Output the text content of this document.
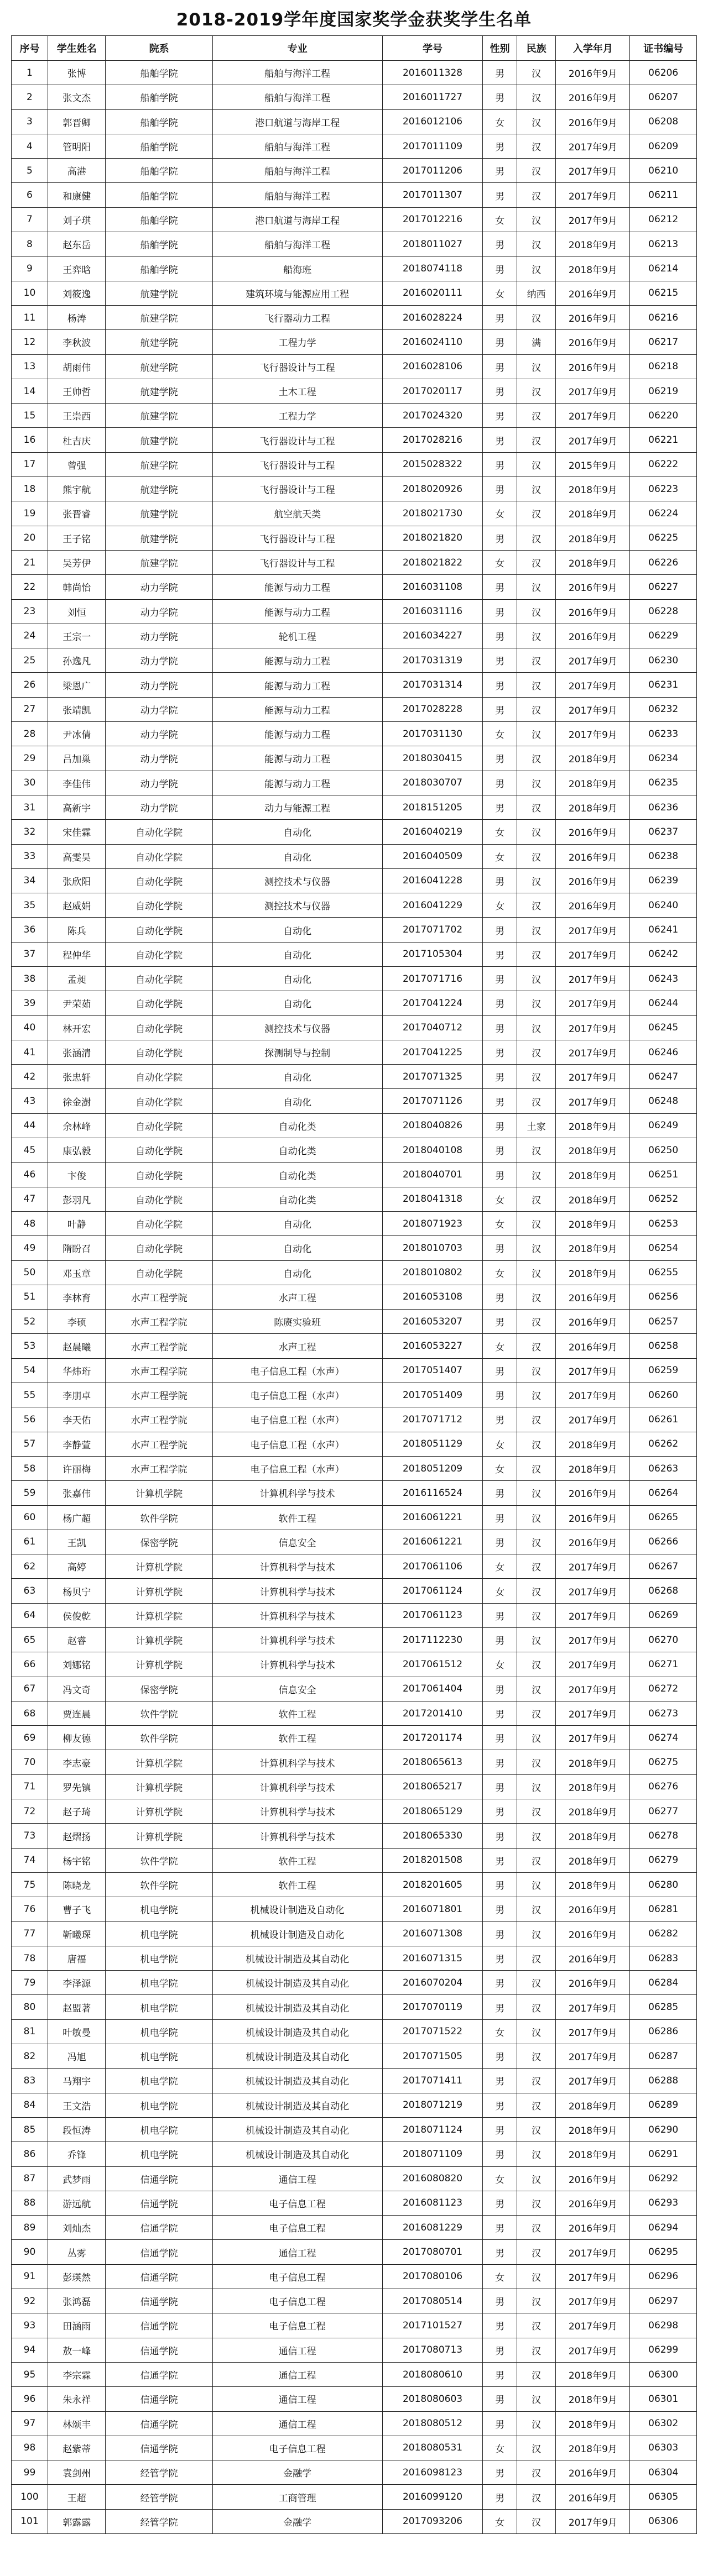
2018-2019学年度国家奖学金获奖学生名单
序号	学生姓名	院系	专业	学号	性别	民族	入学年月	证书编号
1	张博	船舶学院	船舶与海洋工程	2016011328	男	汉	2016年9月	06206
2	张文杰	船舶学院	船舶与海洋工程	2016011727	男	汉	2016年9月	06207
3	郭晋卿	船舶学院	港口航道与海岸工程	2016012106	女	汉	2016年9月	06208
4	管明阳	船舶学院	船舶与海洋工程	2017011109	男	汉	2017年9月	06209
5	高港	船舶学院	船舶与海洋工程	2017011206	男	汉	2017年9月	06210
6	和康健	船舶学院	船舶与海洋工程	2017011307	男	汉	2017年9月	06211
7	刘子琪	船舶学院	港口航道与海岸工程	2017012216	女	汉	2017年9月	06212
8	赵东岳	船舶学院	船舶与海洋工程	2018011027	男	汉	2018年9月	06213
9	王弈晗	船舶学院	船海班	2018074118	男	汉	2018年9月	06214
10	刘筱逸	航建学院	建筑环境与能源应用工程	2016020111	女	纳西	2016年9月	06215
11	杨涛	航建学院	飞行器动力工程	2016028224	男	汉	2016年9月	06216
12	李秋波	航建学院	工程力学	2016024110	男	满	2016年9月	06217
13	胡雨伟	航建学院	飞行器设计与工程	2016028106	男	汉	2016年9月	06218
14	王帅哲	航建学院	土木工程	2017020117	男	汉	2017年9月	06219
15	王崇西	航建学院	工程力学	2017024320	男	汉	2017年9月	06220
16	杜吉庆	航建学院	飞行器设计与工程	2017028216	男	汉	2017年9月	06221
17	曾强	航建学院	飞行器设计与工程	2015028322	男	汉	2015年9月	06222
18	熊宇航	航建学院	飞行器设计与工程	2018020926	男	汉	2018年9月	06223
19	张晋睿	航建学院	航空航天类	2018021730	女	汉	2018年9月	06224
20	王子铭	航建学院	飞行器设计与工程	2018021820	男	汉	2018年9月	06225
21	吴芳伊	航建学院	飞行器设计与工程	2018021822	女	汉	2018年9月	06226
22	韩尚怡	动力学院	能源与动力工程	2016031108	男	汉	2016年9月	06227
23	刘恒	动力学院	能源与动力工程	2016031116	男	汉	2016年9月	06228
24	王宗一	动力学院	轮机工程	2016034227	男	汉	2016年9月	06229
25	孙逸凡	动力学院	能源与动力工程	2017031319	男	汉	2017年9月	06230
26	梁恩广	动力学院	能源与动力工程	2017031314	男	汉	2017年9月	06231
27	张靖凯	动力学院	能源与动力工程	2017028228	男	汉	2017年9月	06232
28	尹冰倩	动力学院	能源与动力工程	2017031130	女	汉	2017年9月	06233
29	吕加巢	动力学院	能源与动力工程	2018030415	男	汉	2018年9月	06234
30	李佳伟	动力学院	能源与动力工程	2018030707	男	汉	2018年9月	06235
31	高新宇	动力学院	动力与能源工程	2018151205	男	汉	2018年9月	06236
32	宋佳霖	自动化学院	自动化	2016040219	女	汉	2016年9月	06237
33	高雯昊	自动化学院	自动化	2016040509	女	汉	2016年9月	06238
34	张欣阳	自动化学院	测控技术与仪器	2016041228	男	汉	2016年9月	06239
35	赵威娟	自动化学院	测控技术与仪器	2016041229	女	汉	2016年9月	06240
36	陈兵	自动化学院	自动化	2017071702	男	汉	2017年9月	06241
37	程仲华	自动化学院	自动化	2017105304	男	汉	2017年9月	06242
38	孟昶	自动化学院	自动化	2017071716	男	汉	2017年9月	06243
39	尹荣茹	自动化学院	自动化	2017041224	男	汉	2017年9月	06244
40	林开宏	自动化学院	测控技术与仪器	2017040712	男	汉	2017年9月	06245
41	张涵清	自动化学院	探测制导与控制	2017041225	男	汉	2017年9月	06246
42	张忠轩	自动化学院	自动化	2017071325	男	汉	2017年9月	06247
43	徐金澍	自动化学院	自动化	2017071126	男	汉	2017年9月	06248
44	余林峰	自动化学院	自动化类	2018040826	男	土家	2018年9月	06249
45	康弘毅	自动化学院	自动化类	2018040108	男	汉	2018年9月	06250
46	卞俊	自动化学院	自动化类	2018040701	男	汉	2018年9月	06251
47	彭羽凡	自动化学院	自动化类	2018041318	女	汉	2018年9月	06252
48	叶静	自动化学院	自动化	2018071923	女	汉	2018年9月	06253
49	隋盼召	自动化学院	自动化	2018010703	男	汉	2018年9月	06254
50	邓玉章	自动化学院	自动化	2018010802	女	汉	2018年9月	06255
51	李林育	水声工程学院	水声工程	2016053108	男	汉	2016年9月	06256
52	李硕	水声工程学院	陈赓实验班	2016053207	男	汉	2016年9月	06257
53	赵晨曦	水声工程学院	水声工程	2016053227	女	汉	2016年9月	06258
54	华炜珩	水声工程学院	电子信息工程（水声）	2017051407	男	汉	2017年9月	06259
55	李朋卓	水声工程学院	电子信息工程（水声）	2017051409	男	汉	2017年9月	06260
56	李天佑	水声工程学院	电子信息工程（水声）	2017071712	男	汉	2017年9月	06261
57	李静萱	水声工程学院	电子信息工程（水声）	2018051129	女	汉	2018年9月	06262
58	许丽梅	水声工程学院	电子信息工程（水声）	2018051209	女	汉	2018年9月	06263
59	张嘉伟	计算机学院	计算机科学与技术	2016116524	男	汉	2016年9月	06264
60	杨广超	软件学院	软件工程	2016061221	男	汉	2016年9月	06265
61	王凯	保密学院	信息安全	2016061221	男	汉	2016年9月	06266
62	高婷	计算机学院	计算机科学与技术	2017061106	女	汉	2017年9月	06267
63	杨贝宁	计算机学院	计算机科学与技术	2017061124	女	汉	2017年9月	06268
64	侯俊乾	计算机学院	计算机科学与技术	2017061123	男	汉	2017年9月	06269
65	赵睿	计算机学院	计算机科学与技术	2017112230	男	汉	2017年9月	06270
66	刘娜铭	计算机学院	计算机科学与技术	2017061512	女	汉	2017年9月	06271
67	冯文奇	保密学院	信息安全	2017061404	男	汉	2017年9月	06272
68	贾连晨	软件学院	软件工程	2017201410	男	汉	2017年9月	06273
69	柳友德	软件学院	软件工程	2017201174	男	汉	2017年9月	06274
70	李志豪	计算机学院	计算机科学与技术	2018065613	男	汉	2018年9月	06275
71	罗先镇	计算机学院	计算机科学与技术	2018065217	男	汉	2018年9月	06276
72	赵子琦	计算机学院	计算机科学与技术	2018065129	男	汉	2018年9月	06277
73	赵熠扬	计算机学院	计算机科学与技术	2018065330	男	汉	2018年9月	06278
74	杨宇铭	软件学院	软件工程	2018201508	男	汉	2018年9月	06279
75	陈晓龙	软件学院	软件工程	2018201605	男	汉	2018年9月	06280
76	曹子飞	机电学院	机械设计制造及自动化	2016071801	男	汉	2016年9月	06281
77	靳曦琛	机电学院	机械设计制造及自动化	2016071308	男	汉	2016年9月	06282
78	唐福	机电学院	机械设计制造及其自动化	2016071315	男	汉	2016年9月	06283
79	李泽源	机电学院	机械设计制造及其自动化	2016070204	男	汉	2016年9月	06284
80	赵盟著	机电学院	机械设计制造及其自动化	2017070119	男	汉	2017年9月	06285
81	叶敏曼	机电学院	机械设计制造及其自动化	2017071522	女	汉	2017年9月	06286
82	冯旭	机电学院	机械设计制造及其自动化	2017071505	男	汉	2017年9月	06287
83	马翔宇	机电学院	机械设计制造及其自动化	2017071411	男	汉	2017年9月	06288
84	王文浩	机电学院	机械设计制造及其自动化	2018071219	男	汉	2018年9月	06289
85	段恒涛	机电学院	机械设计制造及其自动化	2018071124	男	汉	2018年9月	06290
86	乔锋	机电学院	机械设计制造及其自动化	2018071109	男	汉	2018年9月	06291
87	武梦雨	信通学院	通信工程	2016080820	女	汉	2016年9月	06292
88	游远航	信通学院	电子信息工程	2016081123	男	汉	2016年9月	06293
89	刘灿杰	信通学院	电子信息工程	2016081229	男	汉	2016年9月	06294
90	丛雾	信通学院	通信工程	2017080701	男	汉	2017年9月	06295
91	彭瑛然	信通学院	电子信息工程	2017080106	女	汉	2017年9月	06296
92	张鸿磊	信通学院	电子信息工程	2017080514	男	汉	2017年9月	06297
93	田涵雨	信通学院	电子信息工程	2017101527	男	汉	2017年9月	06298
94	敖一峰	信通学院	通信工程	2017080713	男	汉	2017年9月	06299
95	李宗霖	信通学院	通信工程	2018080610	男	汉	2018年9月	06300
96	朱永祥	信通学院	通信工程	2018080603	男	汉	2018年9月	06301
97	林颂丰	信通学院	通信工程	2018080512	男	汉	2018年9月	06302
98	赵紫蒂	信通学院	电子信息工程	2018080531	女	汉	2018年9月	06303
99	袁剑州	经管学院	金融学	2016098123	男	汉	2016年9月	06304
100	王超	经管学院	工商管理	2016099120	男	汉	2016年9月	06305
101	郭露露	经管学院	金融学	2017093206	女	汉	2017年9月	06306
